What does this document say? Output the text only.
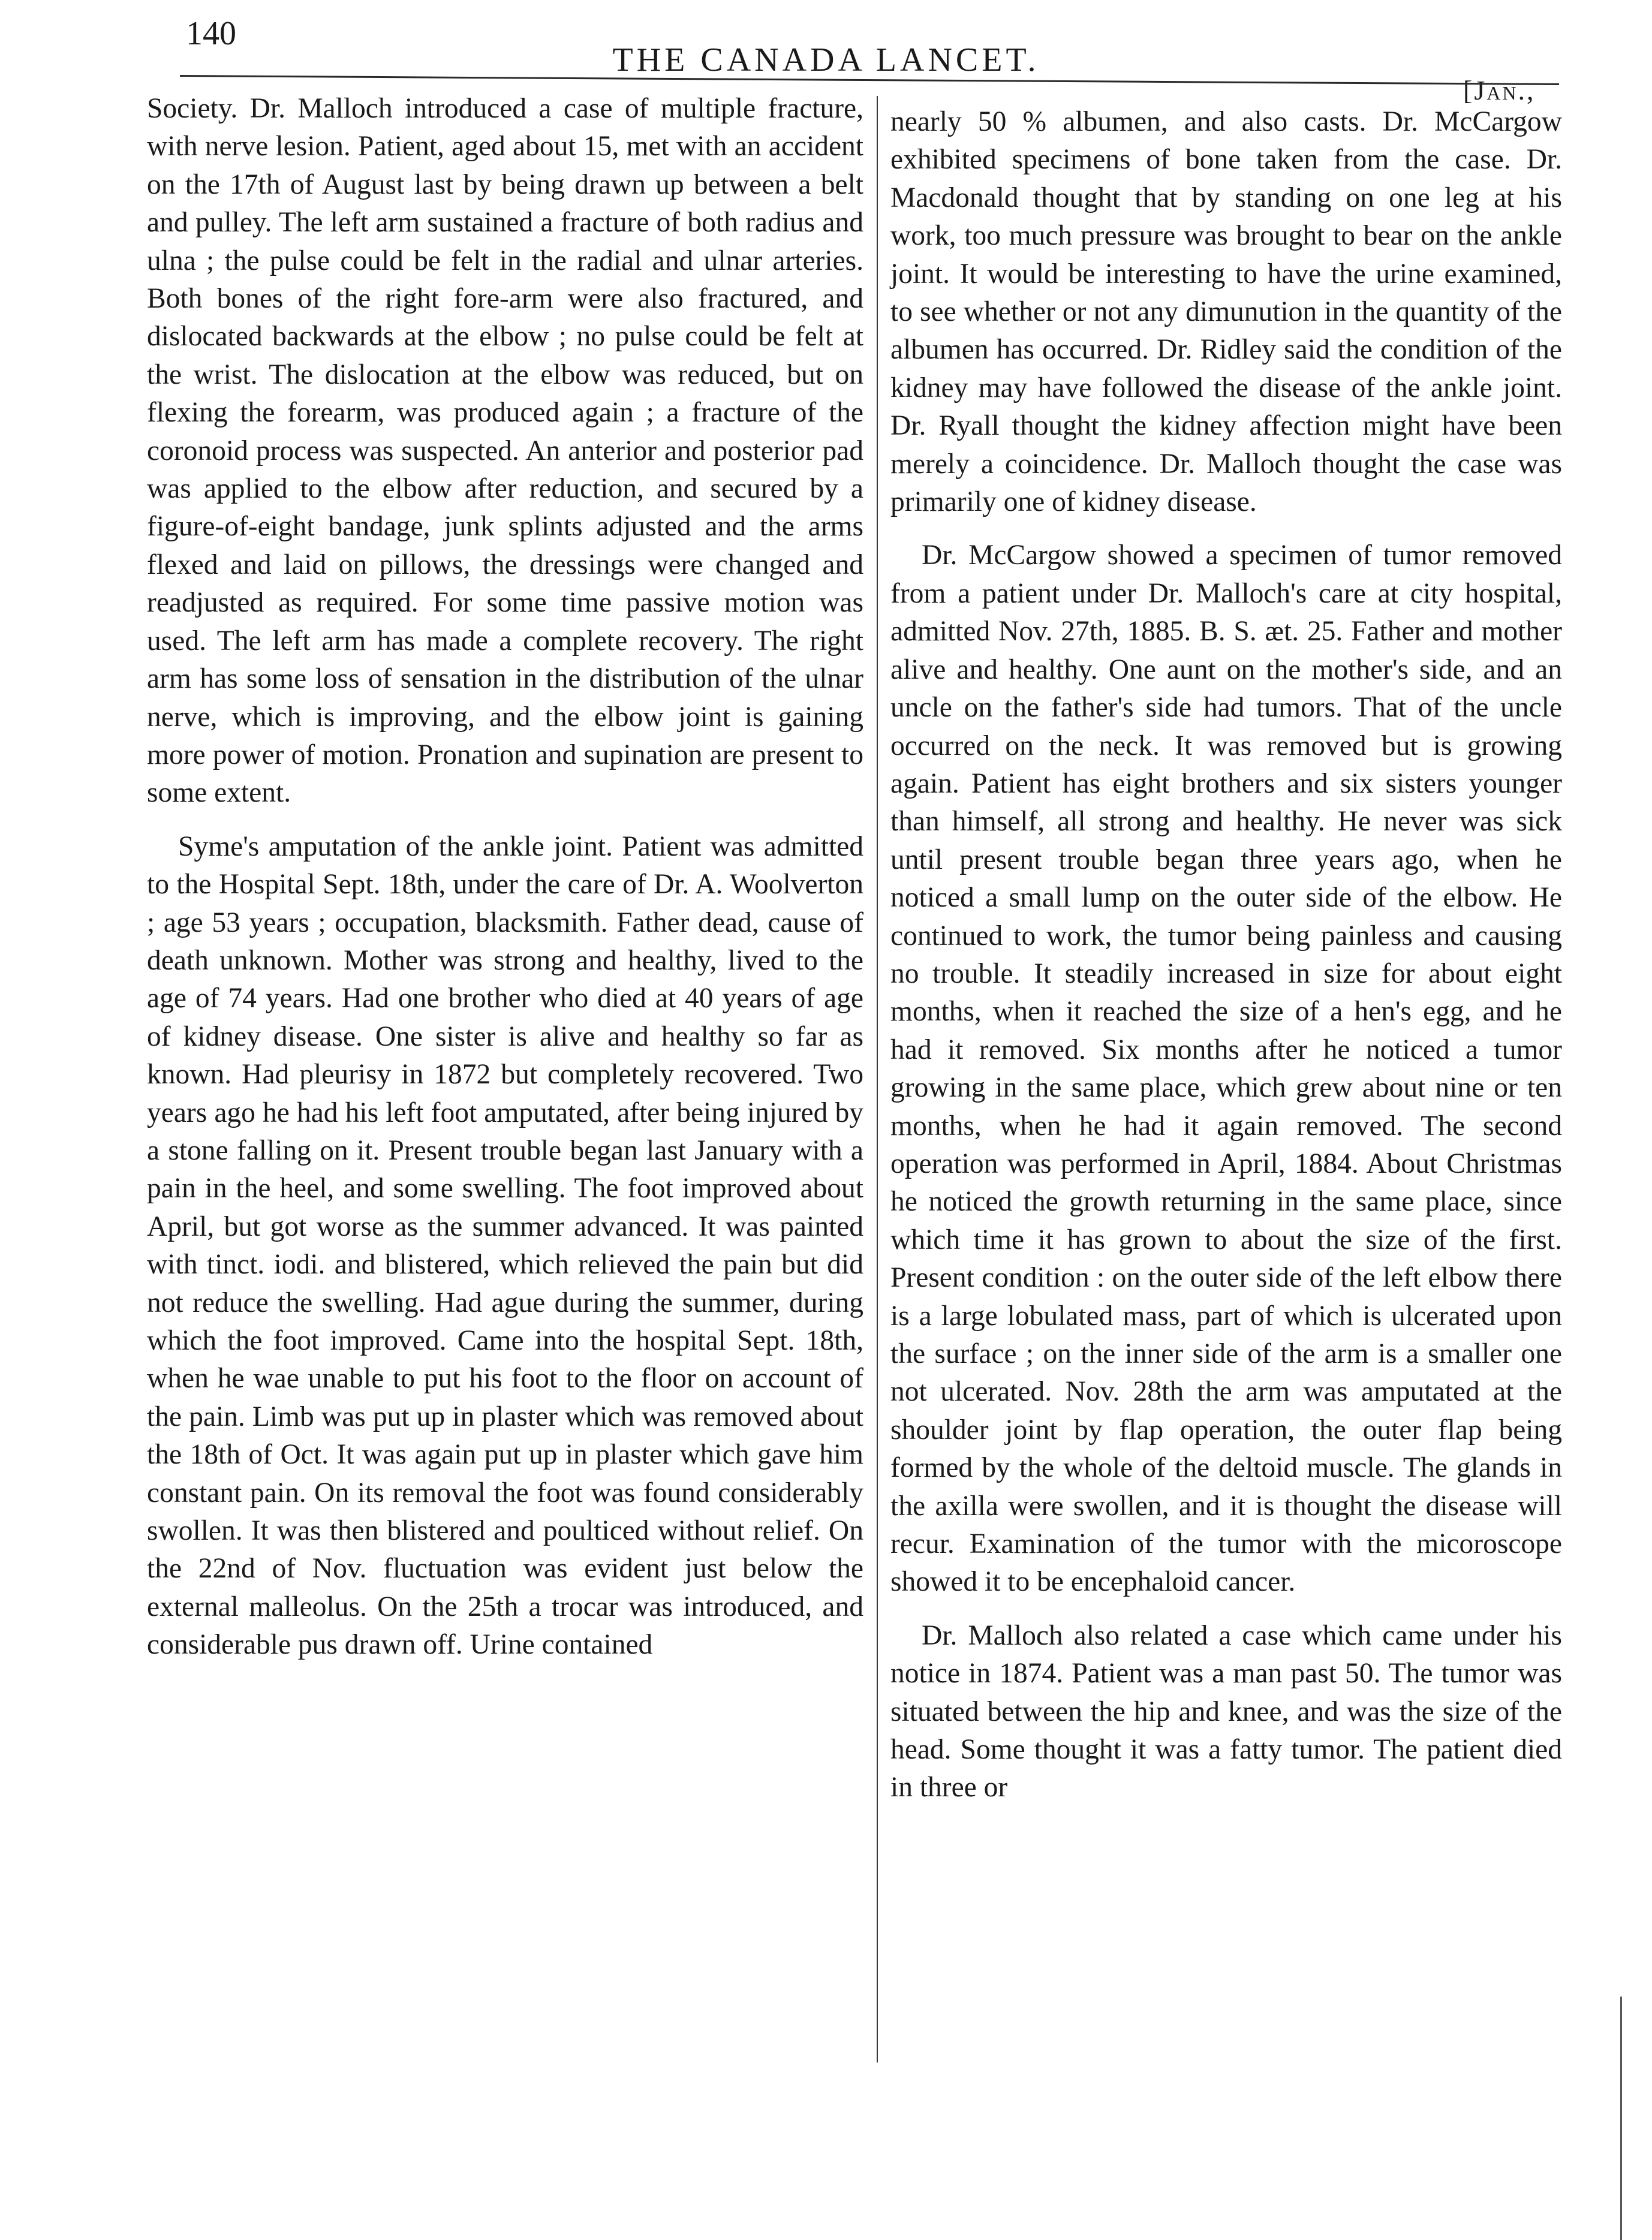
140
THE CANADA LANCET.
[Jan.,

Society. Dr. Malloch introduced a case of multiple fracture, with nerve lesion. Patient, aged about 15, met with an accident on the 17th of August last by being drawn up between a belt and pulley. The left arm sustained a fracture of both radius and ulna ; the pulse could be felt in the radial and ulnar arteries. Both bones of the right fore-arm were also fractured, and dislocated backwards at the elbow ; no pulse could be felt at the wrist. The dislocation at the elbow was reduced, but on flexing the forearm, was produced again ; a fracture of the coronoid process was suspected. An anterior and posterior pad was applied to the elbow after reduction, and secured by a figure-of-eight bandage, junk splints adjusted and the arms flexed and laid on pillows, the dressings were changed and readjusted as required. For some time passive motion was used. The left arm has made a complete recovery. The right arm has some loss of sensation in the distribution of the ulnar nerve, which is improving, and the elbow joint is gaining more power of motion. Pronation and supination are present to some extent.

Syme's amputation of the ankle joint. Patient was admitted to the Hospital Sept. 18th, under the care of Dr. A. Woolverton ; age 53 years ; occupation, blacksmith. Father dead, cause of death unknown. Mother was strong and healthy, lived to the age of 74 years. Had one brother who died at 40 years of age of kidney disease. One sister is alive and healthy so far as known. Had pleurisy in 1872 but completely recovered. Two years ago he had his left foot amputated, after being injured by a stone falling on it. Present trouble began last January with a pain in the heel, and some swelling. The foot improved about April, but got worse as the summer advanced. It was painted with tinct. iodi. and blistered, which relieved the pain but did not reduce the swelling. Had ague during the summer, during which the foot improved. Came into the hospital Sept. 18th, when he wae unable to put his foot to the floor on account of the pain. Limb was put up in plaster which was removed about the 18th of Oct. It was again put up in plaster which gave him constant pain. On its removal the foot was found considerably swollen. It was then blistered and poulticed without relief. On the 22nd of Nov. fluctuation was evident just below the external malleolus. On the 25th a trocar was introduced, and considerable pus drawn off. Urine contained

nearly 50 % albumen, and also casts. Dr. McCargow exhibited specimens of bone taken from the case. Dr. Macdonald thought that by standing on one leg at his work, too much pressure was brought to bear on the ankle joint. It would be interesting to have the urine examined, to see whether or not any dimunution in the quantity of the albumen has occurred. Dr. Ridley said the condition of the kidney may have followed the disease of the ankle joint. Dr. Ryall thought the kidney affection might have been merely a coincidence. Dr. Malloch thought the case was primarily one of kidney disease.

Dr. McCargow showed a specimen of tumor removed from a patient under Dr. Malloch's care at city hospital, admitted Nov. 27th, 1885. B. S. æt. 25. Father and mother alive and healthy. One aunt on the mother's side, and an uncle on the father's side had tumors. That of the uncle occurred on the neck. It was removed but is growing again. Patient has eight brothers and six sisters younger than himself, all strong and healthy. He never was sick until present trouble began three years ago, when he noticed a small lump on the outer side of the elbow. He continued to work, the tumor being painless and causing no trouble. It steadily increased in size for about eight months, when it reached the size of a hen's egg, and he had it removed. Six months after he noticed a tumor growing in the same place, which grew about nine or ten months, when he had it again removed. The second operation was performed in April, 1884. About Christmas he noticed the growth returning in the same place, since which time it has grown to about the size of the first. Present condition : on the outer side of the left elbow there is a large lobulated mass, part of which is ulcerated upon the surface ; on the inner side of the arm is a smaller one not ulcerated. Nov. 28th the arm was amputated at the shoulder joint by flap operation, the outer flap being formed by the whole of the deltoid muscle. The glands in the axilla were swollen, and it is thought the disease will recur. Examination of the tumor with the micoroscope showed it to be encephaloid cancer.

Dr. Malloch also related a case which came under his notice in 1874. Patient was a man past 50. The tumor was situated between the hip and knee, and was the size of the head. Some thought it was a fatty tumor. The patient died in three or
